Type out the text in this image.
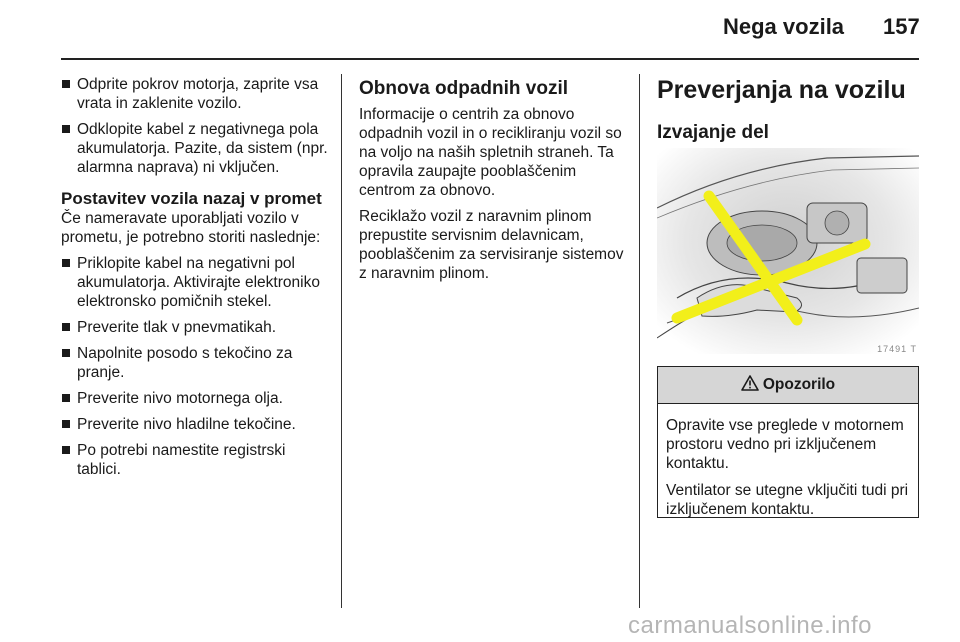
Nega vozila 157
Odprite pokrov motorja, zaprite vsa vrata in zaklenite vozilo.
Odklopite kabel z negativnega pola akumulatorja. Pazite, da sistem (npr. alarmna naprava) ni vključen.

Postavitev vozila nazaj v promet

Če nameravate uporabljati vozilo v prometu, je potrebno storiti naslednje:

Priklopite kabel na negativni pol akumulatorja. Aktivirajte elektroniko elektronsko pomičnih stekel.
Preverite tlak v pnevmatikah.
Napolnite posodo s tekočino za pranje.
Preverite nivo motornega olja.
Preverite nivo hladilne tekočine.
Po potrebi namestite registrski tablici.

Obnova odpadnih vozil

Informacije o centrih za obnovo odpadnih vozil in o recikliranju vozil so na voljo na naših spletnih straneh. Ta opravila zaupajte pooblaščenim centrom za obnovo.

Reciklažo vozil z naravnim plinom prepustite servisnim delavnicam, pooblaščenim za servisiranje sistemov z naravnim plinom.

Preverjanja na vozilu

Izvajanje del

17491 T
Opozorilo

Opravite vse preglede v motornem prostoru vedno pri izključenem kontaktu.

Ventilator se utegne vključiti tudi pri izključenem kontaktu.

carmanualsonline.info
